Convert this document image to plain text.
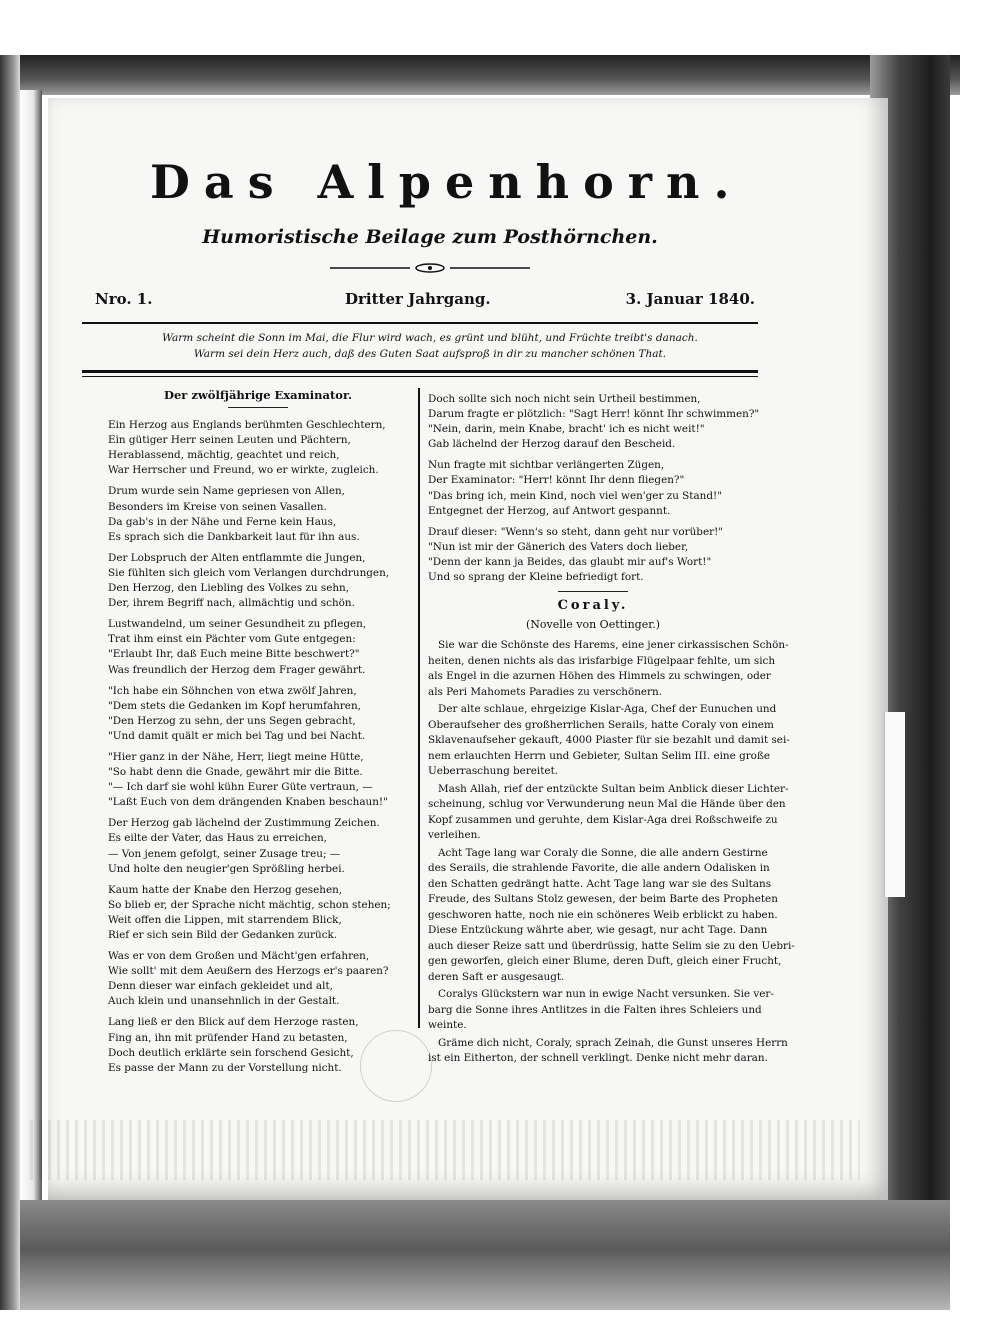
Das Alpenhorn.
Humoristische Beilage zum Posthörnchen.
Nro. 1.	Dritter Jahrgang.	3. Januar 1840.
Warm scheint die Sonn im Mai, die Flur wird wach, es grünt und blüht, und Früchte treibt's danach.
Warm sei dein Herz auch, daß des Guten Saat aufsproß in dir zu mancher schönen That.
Der zwölfjährige Examinator.
Ein Herzog aus Englands berühmten Geschlechtern,
Ein gütiger Herr seinen Leuten und Pächtern,
Herablassend, mächtig, geachtet und reich,
War Herrscher und Freund, wo er wirkte, zugleich.
Drum wurde sein Name gepriesen von Allen,
Besonders im Kreise von seinen Vasallen.
Da gab's in der Nähe und Ferne kein Haus,
Es sprach sich die Dankbarkeit laut für ihn aus.
Der Lobspruch der Alten entflammte die Jungen,
Sie fühlten sich gleich vom Verlangen durchdrungen,
Den Herzog, den Liebling des Volkes zu sehn,
Der, ihrem Begriff nach, allmächtig und schön.
Lustwandelnd, um seiner Gesundheit zu pflegen,
Trat ihm einst ein Pächter vom Gute entgegen:
"Erlaubt Ihr, daß Euch meine Bitte beschwert?"
Was freundlich der Herzog dem Frager gewährt.
"Ich habe ein Söhnchen von etwa zwölf Jahren,
"Dem stets die Gedanken im Kopf herumfahren,
"Den Herzog zu sehn, der uns Segen gebracht,
"Und damit quält er mich bei Tag und bei Nacht.
"Hier ganz in der Nähe, Herr, liegt meine Hütte,
"So habt denn die Gnade, gewährt mir die Bitte.
"— Ich darf sie wohl kühn Eurer Güte vertraun, —
"Laßt Euch von dem drängenden Knaben beschaun!"
Der Herzog gab lächelnd der Zustimmung Zeichen.
Es eilte der Vater, das Haus zu erreichen,
— Von jenem gefolgt, seiner Zusage treu; —
Und holte den neugier'gen Sprößling herbei.
Kaum hatte der Knabe den Herzog gesehen,
So blieb er, der Sprache nicht mächtig, schon stehen;
Weit offen die Lippen, mit starrendem Blick,
Rief er sich sein Bild der Gedanken zurück.
Was er von dem Großen und Mächt'gen erfahren,
Wie sollt' mit dem Aeußern des Herzogs er's paaren?
Denn dieser war einfach gekleidet und alt,
Auch klein und unansehnlich in der Gestalt.
Lang ließ er den Blick auf dem Herzoge rasten,
Fing an, ihn mit prüfender Hand zu betasten,
Doch deutlich erklärte sein forschend Gesicht,
Es passe der Mann zu der Vorstellung nicht.
Doch sollte sich noch nicht sein Urtheil bestimmen,
Darum fragte er plötzlich: "Sagt Herr! könnt Ihr schwimmen?"
"Nein, darin, mein Knabe, bracht' ich es nicht weit!"
Gab lächelnd der Herzog darauf den Bescheid.
Nun fragte mit sichtbar verlängerten Zügen,
Der Examinator: "Herr! könnt Ihr denn fliegen?"
"Das bring ich, mein Kind, noch viel wen'ger zu Stand!"
Entgegnet der Herzog, auf Antwort gespannt.
Drauf dieser: "Wenn's so steht, dann geht nur vorüber!"
"Nun ist mir der Gänerich des Vaters doch lieber,
"Denn der kann ja Beides, das glaubt mir auf's Wort!"
Und so sprang der Kleine befriedigt fort.
Coraly.
(Novelle von Oettinger.)
Sie war die Schönste des Harems, eine jener cirkassischen Schön-
heiten, denen nichts als das irisfarbige Flügelpaar fehlte, um sich
als Engel in die azurnen Höhen des Himmels zu schwingen, oder
als Peri Mahomets Paradies zu verschönern.
Der alte schlaue, ehrgeizige Kislar-Aga, Chef der Eunuchen und
Oberaufseher des großherrlichen Serails, hatte Coraly von einem
Sklavenaufseher gekauft, 4000 Piaster für sie bezahlt und damit sei-
nem erlauchten Herrn und Gebieter, Sultan Selim III. eine große
Ueberraschung bereitet.
Mash Allah, rief der entzückte Sultan beim Anblick dieser Lichter-
scheinung, schlug vor Verwunderung neun Mal die Hände über den
Kopf zusammen und geruhte, dem Kislar-Aga drei Roßschweife zu
verleihen.
Acht Tage lang war Coraly die Sonne, die alle andern Gestirne
des Serails, die strahlende Favorite, die alle andern Odalisken in
den Schatten gedrängt hatte. Acht Tage lang war sie des Sultans
Freude, des Sultans Stolz gewesen, der beim Barte des Propheten
geschworen hatte, noch nie ein schöneres Weib erblickt zu haben.
Diese Entzückung währte aber, wie gesagt, nur acht Tage. Dann
auch dieser Reize satt und überdrüssig, hatte Selim sie zu den Uebri-
gen geworfen, gleich einer Blume, deren Duft, gleich einer Frucht,
deren Saft er ausgesaugt.
Coralys Glückstern war nun in ewige Nacht versunken. Sie ver-
barg die Sonne ihres Antlitzes in die Falten ihres Schleiers und
weinte.
Gräme dich nicht, Coraly, sprach Zeinah, die Gunst unseres Herrn
ist ein Eitherton, der schnell verklingt. Denke nicht mehr daran.
